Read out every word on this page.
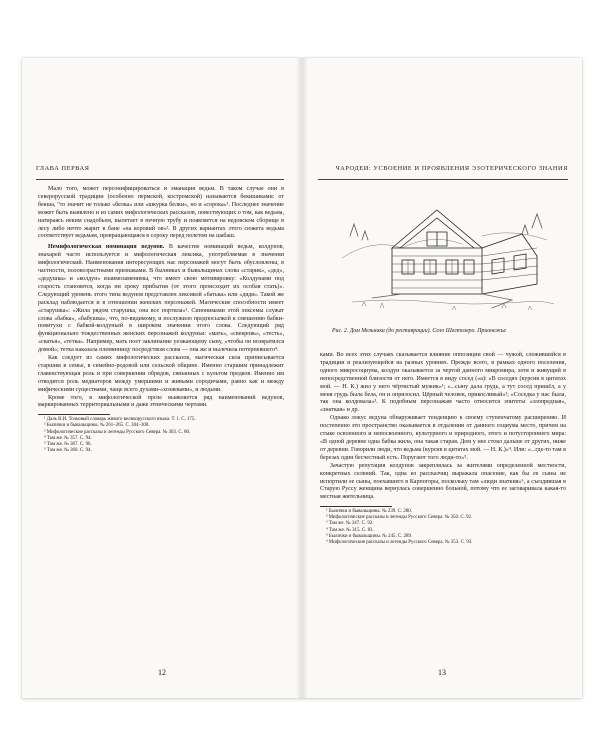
ГЛАВА ПЕРВАЯ

Мало того, может персонифицироваться и эманация ведьм. В таком случае они в северорусской традиции (особенно пермской, костромской) называются бекишиками: от бекша, "то значит не только «белка» или «шкурка белки», но и «сорока»¹. Последнее значение может быть выявлено и из самих мифологических рассказов, повествующих о том, как ведьма, натираясь неким снадобьем, вылетает в печную трубу и появляется на ведовском сборище в лесу либо нечто жарит в бане «на коровий ов»². В других вариантах этого сюжета ведьма соответствует ведьмам, превращающаяся в сороку перед полетом на шабаш.

Немифологическая номинация ведунов. В качестве номинаций ведьм, колдунов, знахарей часто используется и мифологическая лексика, употребляемая в значении мифологический. Наименования интересующих нас персонажей могут быть обусловлены, в частности, половозрастными признаками. В былинках и бывальщинах слова «старик», «дед», «дедушка» и «колдун» взаимозаменимы, что имеет свою мотивировку: «Колдунами под старость становятся, когда ни сроку прибытия (от этого происходит их особая стать)». Следующий уровень этого типа ведунов представлен лексикой «батька» или «дядя». Такой же расклад наблюдается и в отношении женских персонажей. Магические способности имеет «старушка»: «Жила рядом старушка, она все портила»³. Синонимами этой лексемы служат слова «бабка», «бабушка», что, по-видимому, и послужило предпосылкой к смешению бабки-повитухи с бабкой-колдуньей в широком значении этого слова. Следующий ряд функционально тождественных женских персонажей колдуньи: «мать», «свекровь», «тесть», «сватья», «тетка». Например, мать поет заклинание уезжающему сыну, «чтобы он возвратился домой»; тетка наказала племянницу посредством слова — она же и вылечила потерпевшего⁴.

Как следует из самих мифологических рассказов, магическая сила приписывается старшим в семье, в семейно-родовой или сельской общине. Именно старшим принадлежит главенствующая роль и при совершении обрядов, связанных с культом предков. Именно им отводится роль медиаторов между умершими и живыми сородичами, равно как и между мифическими существами, чаще всего духами-«хозяевами», и людьми.

Кроме того, в мифологической прозе выявляется ряд наименований ведунов, маркированных территориальными и даже этническими чертами.

¹ Даль В.И. Толковый словарь живого великорусского языка. Т. 1. С. 175.
² Былички и бывальщины. № 261–265. С. 304–308.
³ Мифологические рассказы и легенды Русского Севера. № 303. С. 80.
⁴ Там же. № 357. С. 94.
⁵ Там же. № 367. С. 96.
⁶ Там же. № 360. С. 94.
12
ЧАРОДЕИ: УСВОЕНИЕ И ПРОЯВЛЕНИЯ ЭЗОТЕРИЧЕСКОГО ЗНАНИЯ
Рис. 2. Дом Мельника (до реставрации). Село Шелтозеро. Прионежье

ками. Во всех этих случаях сказывается влияние оппозиции свой — чужой, сложившейся в традиции и реализующейся на разных уровнях. Прежде всего, в рамках одного поселения, одного микросоциума, колдун оказывается за чертой данного микромира, хотя и живущий в непосредственной близости от него. Имеется в виду сосед («а): «В соседях (курсив в цитатах мой. — Н. К.) жил у него чёртистый мужик»¹; «...сыну дала грудь, а тут сосед пришёл, а у меня грудь была бела, он и опризосил. Цёрный человек, прикосливый»²; «Соседка у нас была, так она колдовала»³. К подобным персонажам часто относится эпитеты «злопредная», «знаткая» и др.

Однако локус ведуна обнаруживает тенденцию к своему ступенчатому расширению. И постепенно это пространство оказывается в отдалении от данного социума место, причем на стыке освоенного и непосвоенного, культурного и природного, этого и потустороннего мира: «В одной деревне одна бабка жила, она такая старая. Дом у нее стоял дальше от других, ниже от деревни. Говорили люди, что ведьма (курсив в цитатах мой. — Н. К.)»⁴. Или: «...где-то там в березах один бесчестный есть. Поругают того люди-то»⁵.

Зачастую репутация колдунов закреплялась за жителями определенной местности, конкретных селений. Так, одна из рассказчиц выражала опасение, как бы ее сыны не испортили ее сыны, поехавшего в Карпогоры, поскольку там «люди знаткия»⁶, а съездившая в Старую Руссу женщина вернулась совершенно больной, потому что ее заговаривала какая-то местная жительница.

¹ Былички и бывальщины. № 239. С. 280.
² Мифологические рассказы и легенды Русского Севера. № 350. С. 92.
³ Там же. № 347. С. 92.
⁴ Там же. № 315. С. 83.
⁵ Былички и бывальщины. № 245. С. 289.
⁶ Мифологические рассказы и легенды Русского Севера. № 353. С. 93.
13
